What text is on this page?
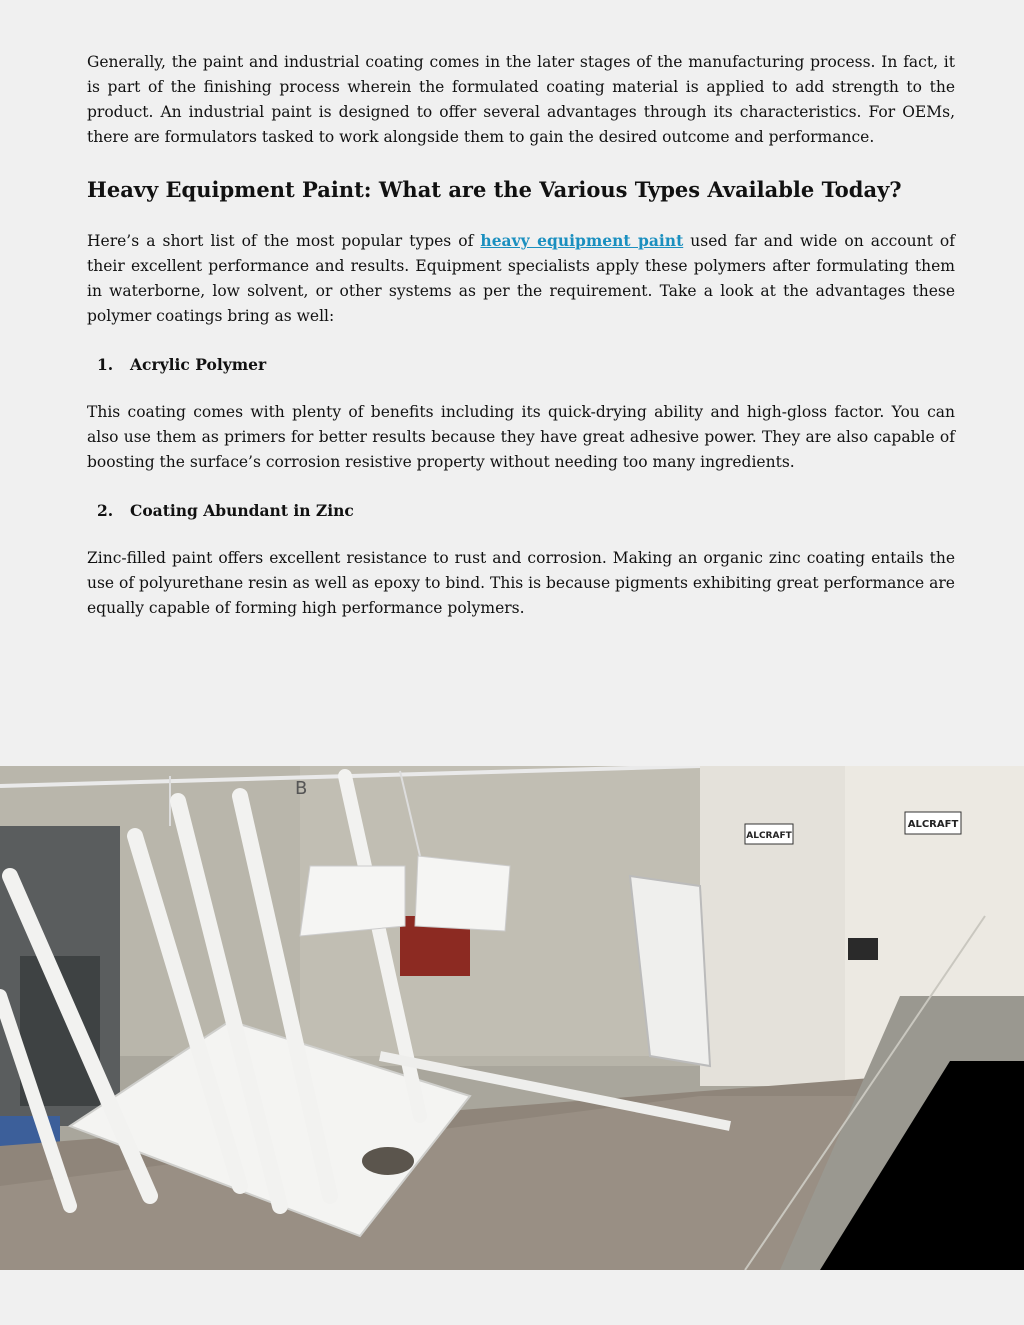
Generally, the paint and industrial coating comes in the later stages of the manufacturing process. In fact, it is part of the finishing process wherein the formulated coating material is applied to add strength to the product. An industrial paint is designed to offer several advantages through its characteristics. For OEMs, there are formulators tasked to work alongside them to gain the desired outcome and performance.

Heavy Equipment Paint: What are the Various Types Available Today?

Here’s a short list of the most popular types of heavy equipment paint used far and wide on account of their excellent performance and results. Equipment specialists apply these polymers after formulating them in waterborne, low solvent, or other systems as per the requirement. Take a look at the advantages these polymer coatings bring as well:

1.	Acrylic Polymer

This coating comes with plenty of benefits including its quick-drying ability and high-gloss factor. You can also use them as primers for better results because they have great adhesive power. They are also capable of boosting the surface’s corrosion resistive property without needing too many ingredients.

2.	Coating Abundant in Zinc

Zinc-filled paint offers excellent resistance to rust and corrosion. Making an organic zinc coating entails the use of polyurethane resin as well as epoxy to bind. This is because pigments exhibiting great performance are equally capable of forming high performance polymers.

ALCRAFT
ALCRAFT
B
